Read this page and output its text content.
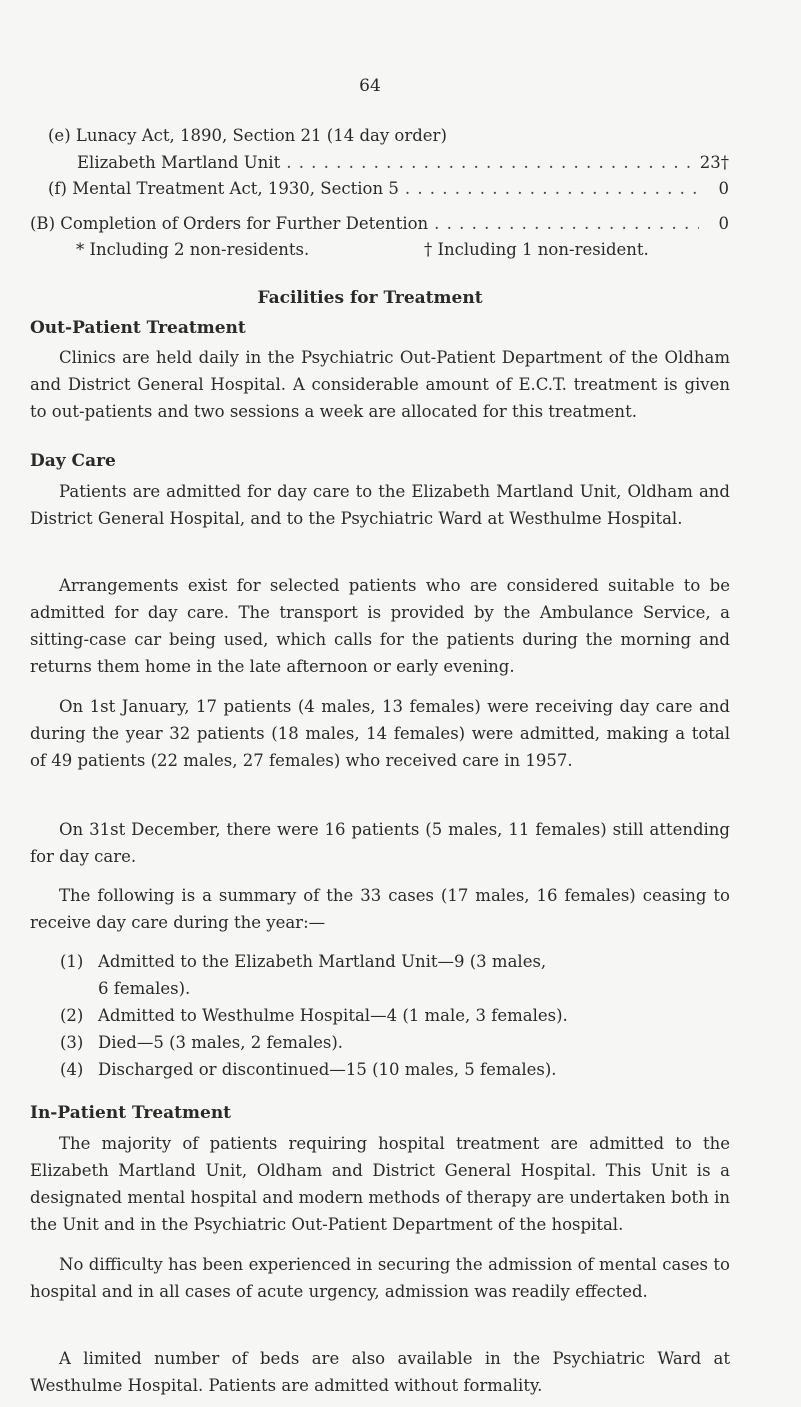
64
(e) Lunacy Act, 1890, Section 21 (14 day order)
Elizabeth Martland Unit . . .	23†
(f) Mental Treatment Act, 1930, Section 5 . . .	0
(B) Completion of Orders for Further Detention . . .	0
* Including 2 non-residents.	† Including 1 non-resident.
Facilities for Treatment
Out-Patient Treatment
Clinics are held daily in the Psychiatric Out-Patient Department of the Oldham and District General Hospital. A considerable amount of E.C.T. treatment is given to out-patients and two sessions a week are allocated for this treatment.
Day Care
Patients are admitted for day care to the Elizabeth Martland Unit, Oldham and District General Hospital, and to the Psychiatric Ward at Westhulme Hospital.
Arrangements exist for selected patients who are considered suitable to be admitted for day care. The transport is provided by the Ambulance Service, a sitting-case car being used, which calls for the patients during the morning and returns them home in the late afternoon or early evening.
On 1st January, 17 patients (4 males, 13 females) were receiving day care and during the year 32 patients (18 males, 14 females) were admitted, making a total of 49 patients (22 males, 27 females) who received care in 1957.
On 31st December, there were 16 patients (5 males, 11 females) still attending for day care.
The following is a summary of the 33 cases (17 males, 16 females) ceasing to receive day care during the year:—
(1) Admitted to the Elizabeth Martland Unit—9 (3 males,
6 females).
(2) Admitted to Westhulme Hospital—4 (1 male, 3 females).
(3) Died—5 (3 males, 2 females).
(4) Discharged or discontinued—15 (10 males, 5 females).
In-Patient Treatment
The majority of patients requiring hospital treatment are admitted to the Elizabeth Martland Unit, Oldham and District General Hospital. This Unit is a designated mental hospital and modern methods of therapy are undertaken both in the Unit and in the Psychiatric Out-Patient Department of the hospital.
No difficulty has been experienced in securing the admission of mental cases to hospital and in all cases of acute urgency, admission was readily effected.
A limited number of beds are also available in the Psychiatric Ward at Westhulme Hospital. Patients are admitted without formality.
